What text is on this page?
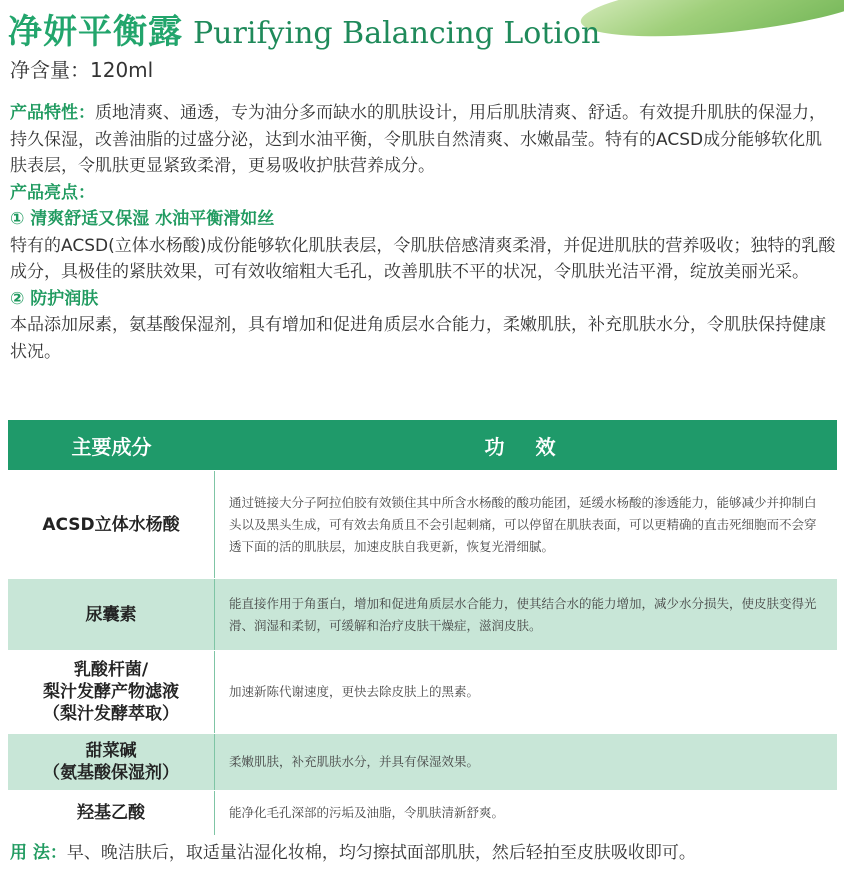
净妍平衡露 Purifying Balancing Lotion
净含量：120ml

产品特性：质地清爽、通透，专为油分多而缺水的肌肤设计，用后肌肤清爽、舒适。有效提升肌肤的保湿力，持久保湿，改善油脂的过盛分泌，达到水油平衡，令肌肤自然清爽、水嫩晶莹。特有的ACSD成分能够软化肌肤表层，令肌肤更显紧致柔滑，更易吸收护肤营养成分。

产品亮点：

① 清爽舒适又保湿 水油平衡滑如丝

特有的ACSD(立体水杨酸)成份能够软化肌肤表层，令肌肤倍感清爽柔滑，并促进肌肤的营养吸收；独特的乳酸成分，具极佳的紧肤效果，可有效收缩粗大毛孔，改善肌肤不平的状况，令肌肤光洁平滑，绽放美丽光采。

② 防护润肤

本品添加尿素，氨基酸保湿剂，具有增加和促进角质层水合能力，柔嫩肌肤，补充肌肤水分，令肌肤保持健康状况。

主要成分	功 效
ACSD立体水杨酸
通过链接大分子阿拉伯胶有效锁住其中所含水杨酸的酸功能团，延缓水杨酸的渗透能力，能够减少并抑制白头以及黑头生成，可有效去角质且不会引起刺痛，可以停留在肌肤表面，可以更精确的直击死细胞而不会穿透下面的活的肌肤层，加速皮肤自我更新，恢复光滑细腻。
尿囊素
能直接作用于角蛋白，增加和促进角质层水合能力，使其结合水的能力增加，减少水分损失，使皮肤变得光滑、润湿和柔韧，可缓解和治疗皮肤干燥症，滋润皮肤。
乳酸杆菌/
梨汁发酵产物滤液
（梨汁发酵萃取）
加速新陈代谢速度，更快去除皮肤上的黑素。
甜菜碱
（氨基酸保湿剂）
柔嫩肌肤，补充肌肤水分，并具有保湿效果。
羟基乙酸	能净化毛孔深部的污垢及油脂，令肌肤清新舒爽。
用 法：早、晚洁肤后，取适量沾湿化妆棉，均匀擦拭面部肌肤，然后轻拍至皮肤吸收即可。
